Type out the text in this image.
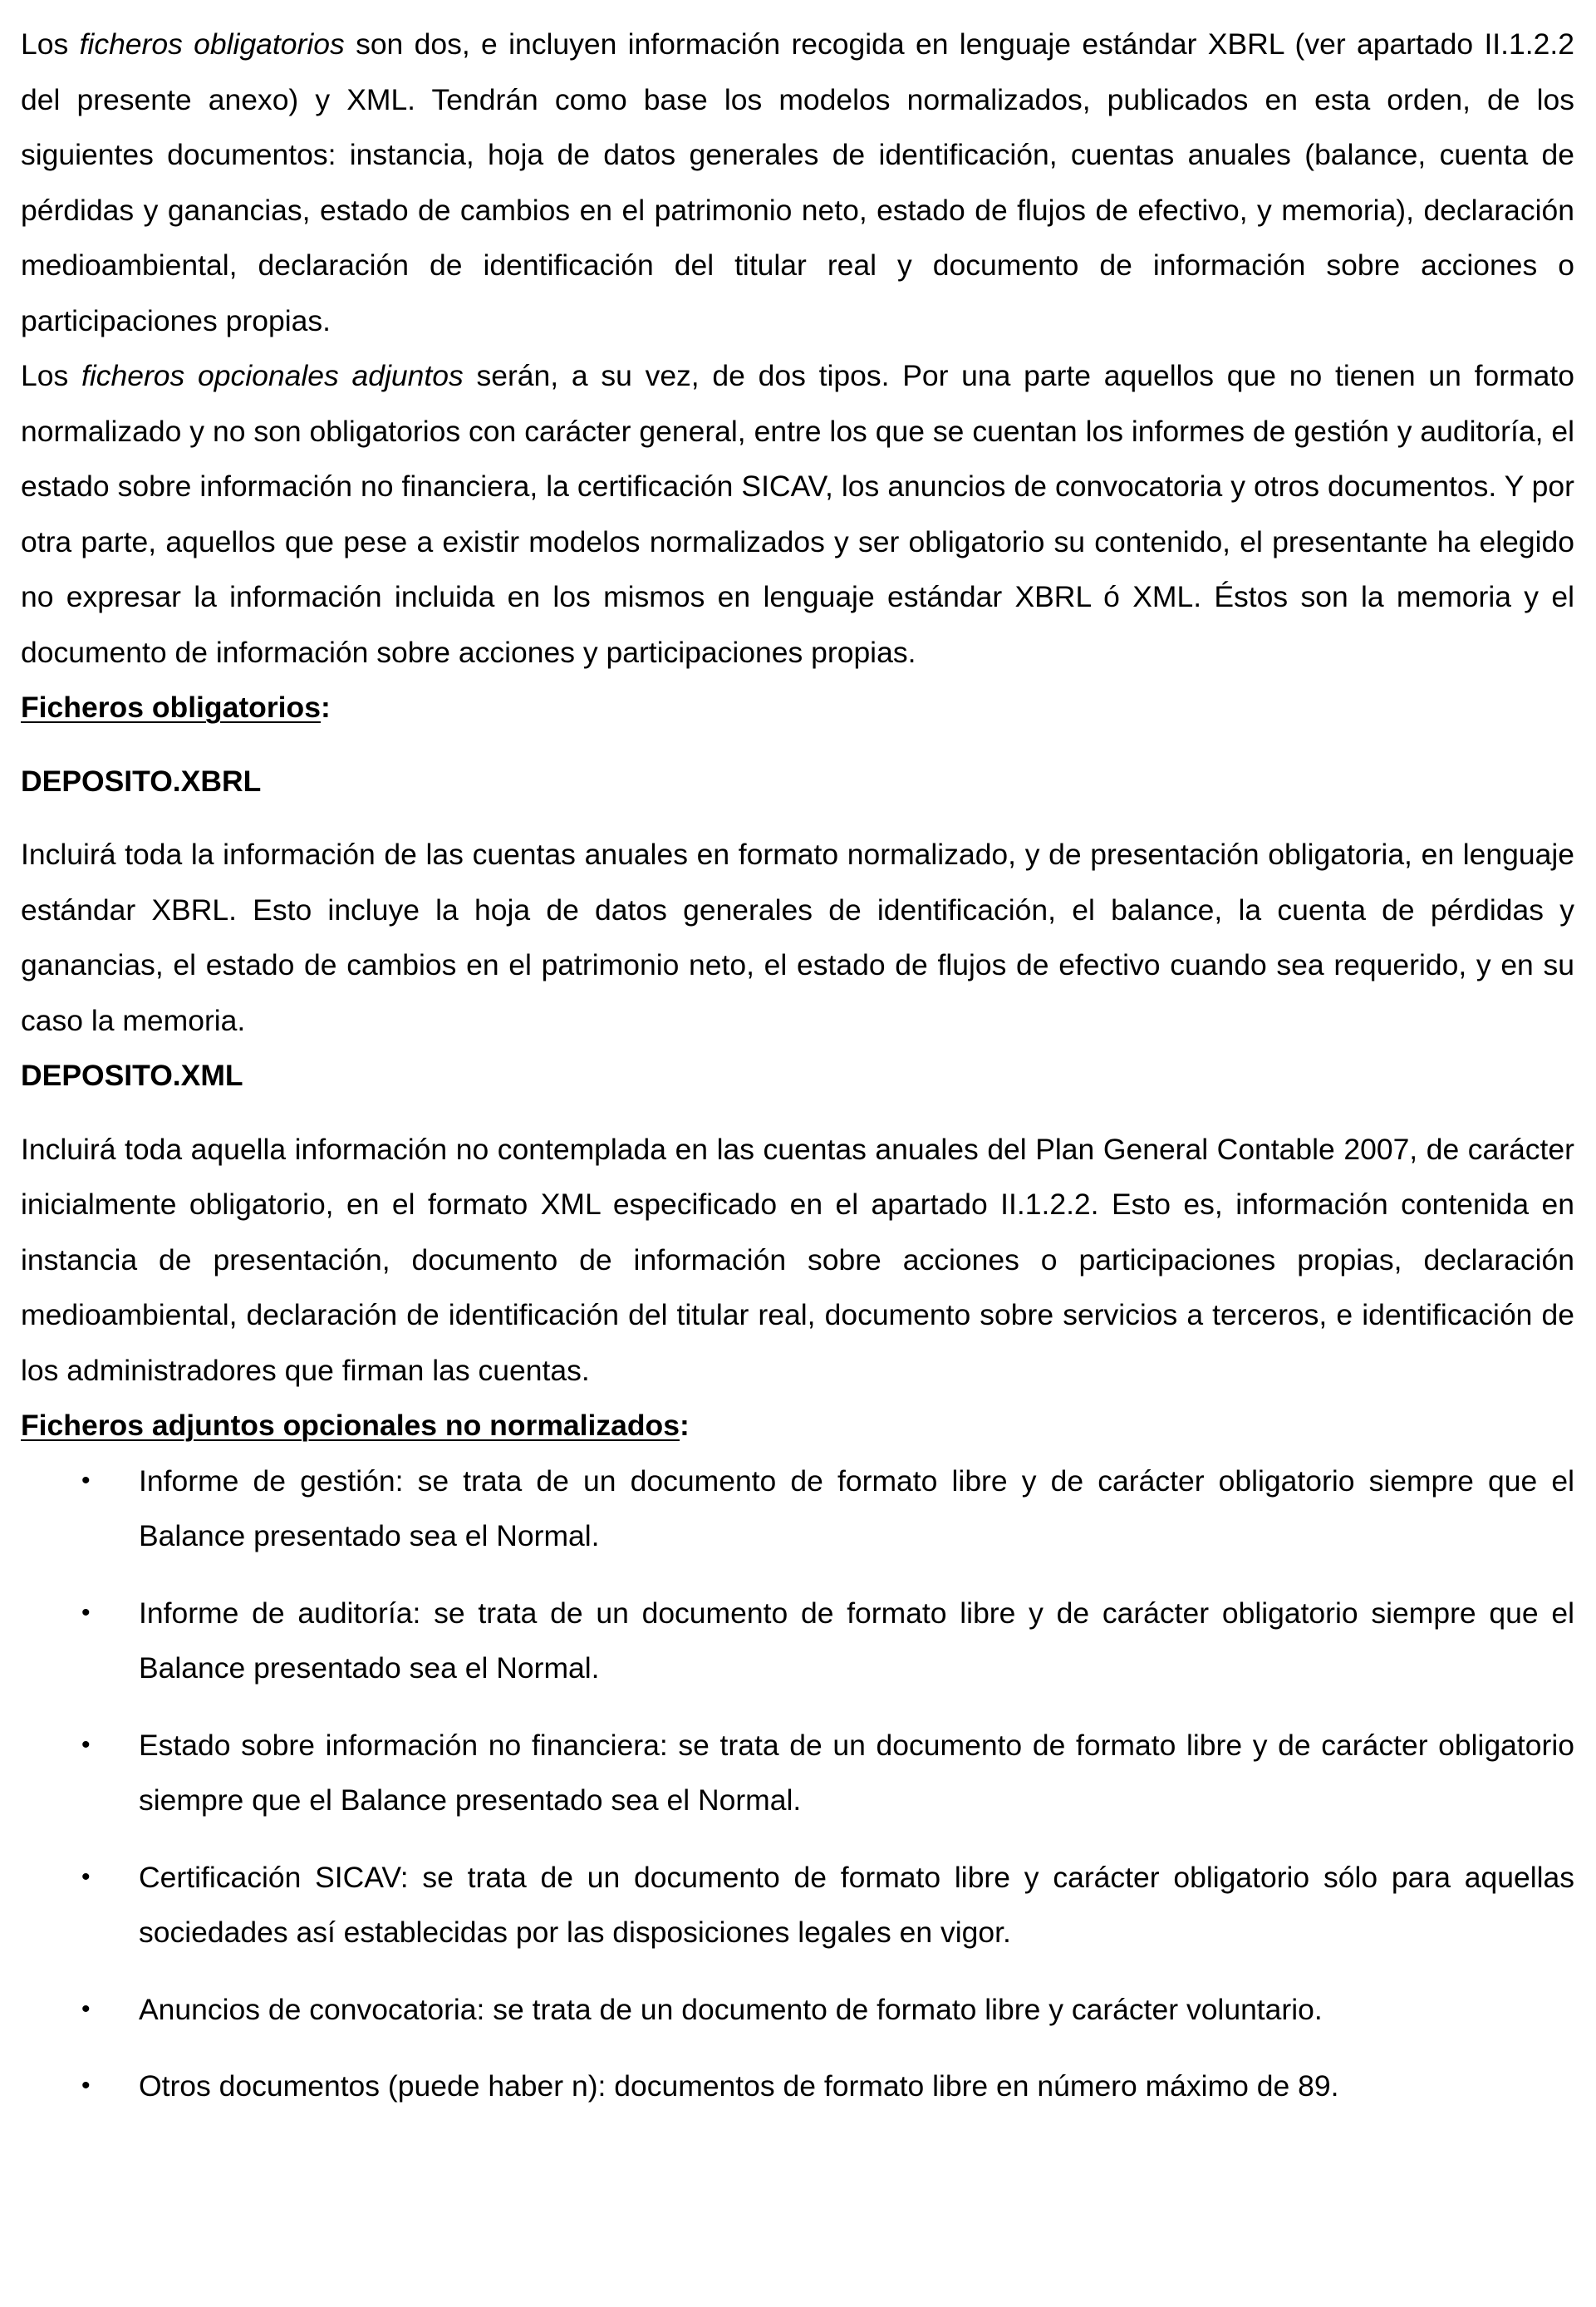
Los ficheros obligatorios son dos, e incluyen información recogida en lenguaje estándar XBRL (ver apartado II.1.2.2 del presente anexo) y XML. Tendrán como base los modelos normalizados, publicados en esta orden, de los siguientes documentos: instancia, hoja de datos generales de identificación, cuentas anuales (balance, cuenta de pérdidas y ganancias, estado de cambios en el patrimonio neto, estado de flujos de efectivo, y memoria), declaración medioambiental, declaración de identificación del titular real y documento de información sobre acciones o participaciones propias.

Los ficheros opcionales adjuntos serán, a su vez, de dos tipos. Por una parte aquellos que no tienen un formato normalizado y no son obligatorios con carácter general, entre los que se cuentan los informes de gestión y auditoría, el estado sobre información no financiera, la certificación SICAV, los anuncios de convocatoria y otros documentos. Y por otra parte, aquellos que pese a existir modelos normalizados y ser obligatorio su contenido, el presentante ha elegido no expresar la información incluida en los mismos en lenguaje estándar XBRL ó XML. Éstos son la memoria y el documento de información sobre acciones y participaciones propias.

Ficheros obligatorios:

DEPOSITO.XBRL

Incluirá toda la información de las cuentas anuales en formato normalizado, y de presentación obligatoria, en lenguaje estándar XBRL. Esto incluye la hoja de datos generales de identificación, el balance, la cuenta de pérdidas y ganancias, el estado de cambios en el patrimonio neto, el estado de flujos de efectivo cuando sea requerido, y en su caso la memoria.

DEPOSITO.XML

Incluirá toda aquella información no contemplada en las cuentas anuales del Plan General Contable 2007, de carácter inicialmente obligatorio, en el formato XML especificado en el apartado II.1.2.2. Esto es, información contenida en instancia de presentación, documento de información sobre acciones o participaciones propias, declaración medioambiental, declaración de identificación del titular real, documento sobre servicios a terceros, e identificación de los administradores que firman las cuentas.

Ficheros adjuntos opcionales no normalizados:

• Informe de gestión: se trata de un documento de formato libre y de carácter obligatorio siempre que el Balance presentado sea el Normal.
• Informe de auditoría: se trata de un documento de formato libre y de carácter obligatorio siempre que el Balance presentado sea el Normal.
• Estado sobre información no financiera: se trata de un documento de formato libre y de carácter obligatorio siempre que el Balance presentado sea el Normal.
• Certificación SICAV: se trata de un documento de formato libre y carácter obligatorio sólo para aquellas sociedades así establecidas por las disposiciones legales en vigor.
• Anuncios de convocatoria: se trata de un documento de formato libre y carácter voluntario.
• Otros documentos (puede haber n): documentos de formato libre en número máximo de 89.
